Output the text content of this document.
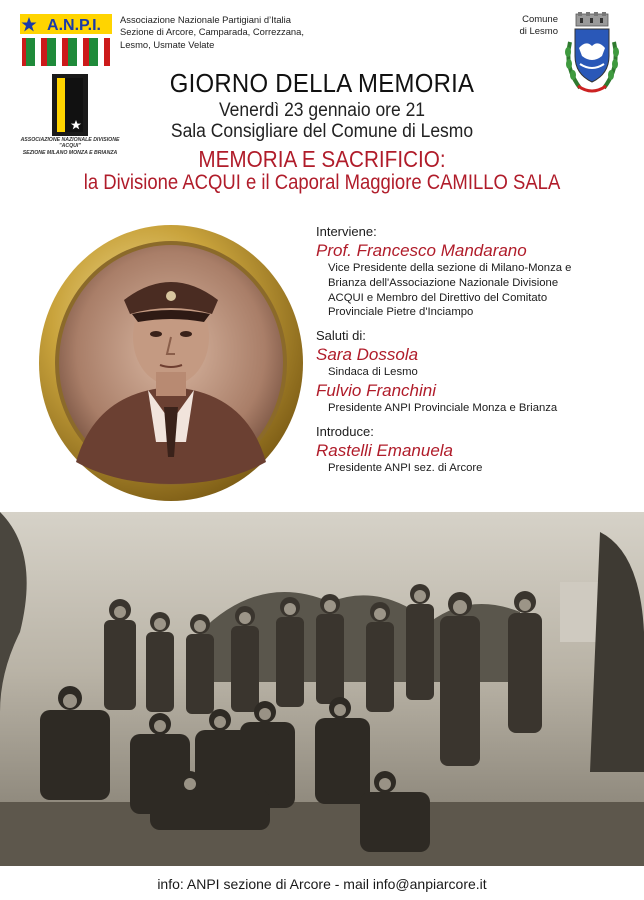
A.N.P.I. Associazione Nazionale Partigiani d’Italia
Sezione di Arcore, Camparada, Correzzana,
Lesmo, Usmate Velate
Comune
di Lesmo
ASSOCIAZIONE NAZIONALE DIVISIONE "ACQUI"
SEZIONE MILANO MONZA E BRIANZA
GIORNO DELLA MEMORIA
Venerdì 23 gennaio ore 21
Sala Consigliare del Comune di Lesmo
MEMORIA E SACRIFICIO:
la Divisione ACQUI e il Caporal Maggiore CAMILLO SALA
Interviene:
Prof. Francesco Mandarano
Vice Presidente della sezione di Milano-Monza e
Brianza dell'Associazione Nazionale Divisione
ACQUI e Membro del Direttivo del Comitato
Provinciale Pietre d'Inciampo
Saluti di:
Sara Dossola
Sindaca di Lesmo
Fulvio Franchini
Presidente ANPI Provinciale Monza e Brianza
Introduce:
Rastelli Emanuela
Presidente ANPI sez. di Arcore
info: ANPI sezione di Arcore - mail info@anpiarcore.it
